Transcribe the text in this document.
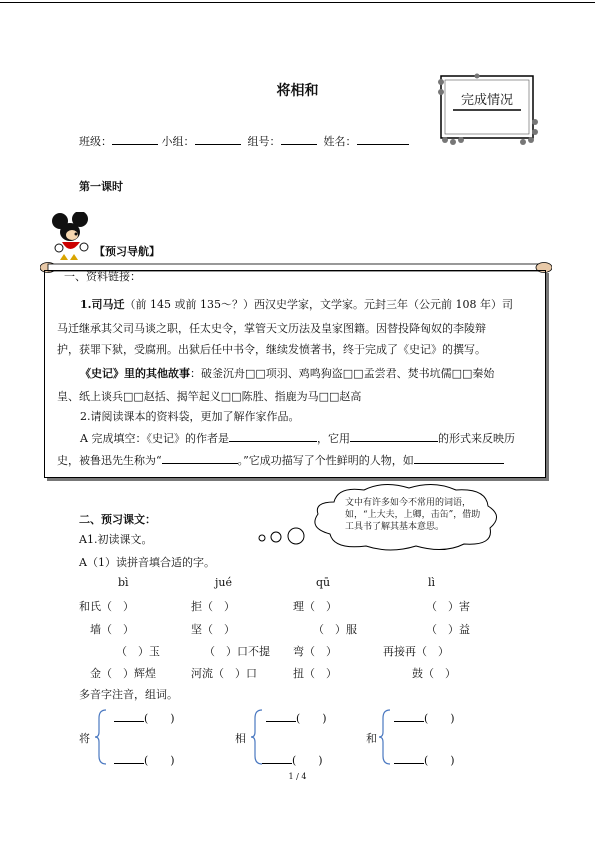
将相和
完成情况
班级：	小组：	组号：	姓名：
第一课时
【预习导航】
一、资料链接：
1.司马迁（前 145 或前 135～？）西汉史学家，文学家。元封三年（公元前 108 年）司
马迁继承其父司马谈之职，任太史令，掌管天文历法及皇家图籍。因替投降匈奴的李陵辩
护，获罪下狱，受腐刑。出狱后任中书令，继续发愤著书，终于完成了《史记》的撰写。
《史记》里的其他故事：破釜沉舟□□项羽、鸡鸣狗盗□□孟尝君、焚书坑儒□□秦始
皇、纸上谈兵□□赵括、揭竿起义□□陈胜、指鹿为马□□赵高
2.请阅读课本的资料袋，更加了解作家作品。
A 完成填空：《史记》的作者是	，它用	的形式来反映历
史，被鲁迅先生称为“	。”它成功描写了个性鲜明的人物，如
文中有许多如今不常用的词语，如，“上大夫，上卿，击缶”，借助工具书了解其基本意思。
二、预习课文：
A1.初读课文。
A（1）读拼音填合适的字。
bì	jué	qū	lì
和氏（　）	拒（　）	理（　）	（　）害
墙（　）	坚（　）	（　）服	（　）益
（　）玉	（　）口不提 弯（　）	再接再（　）
金（　）辉煌	河流（　）口	扭（　）	鼓（　）
多音字注音，组词。
将
(　　)
(　　)
相
(　　)
(　　)
和
(　　)
(　　)
1 / 4
